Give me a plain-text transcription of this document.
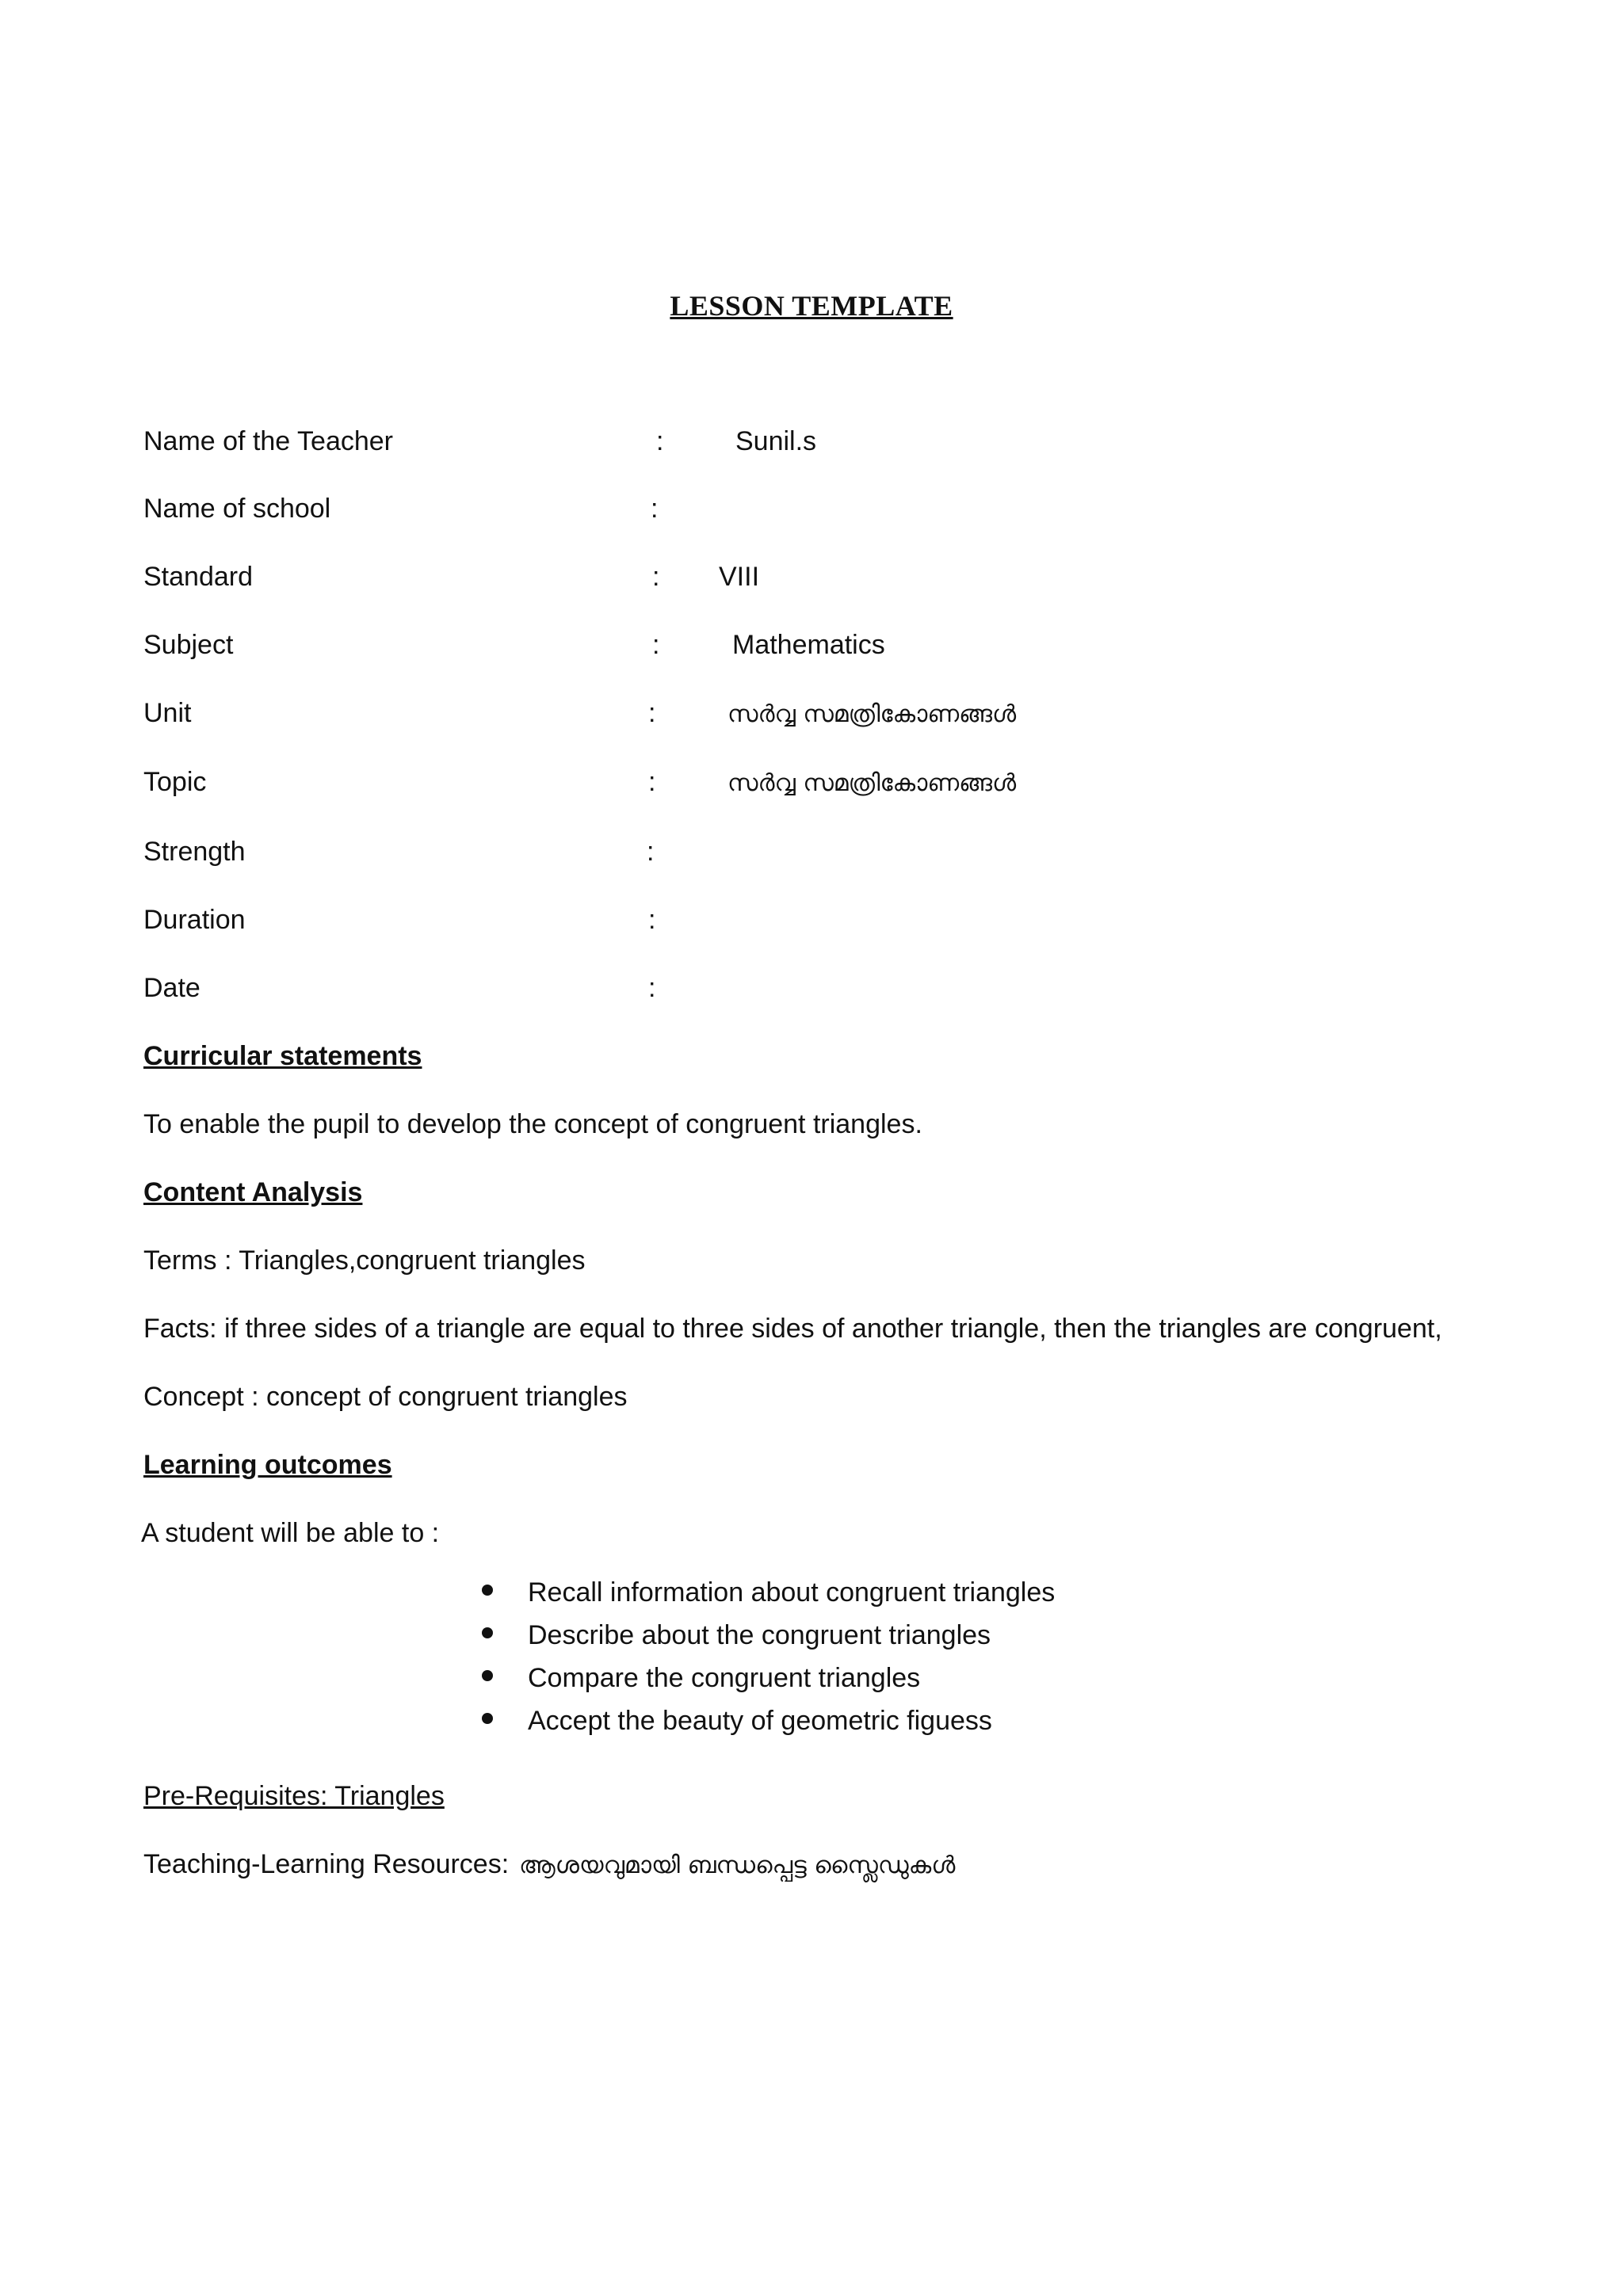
LESSON TEMPLATE
Name of the Teacher	:	Sunil.s
Name of school	:
Standard	: VIII
Subject	:	Mathematics
Unit	:	സർവ്വ സമത്രികോണങ്ങൾ
Topic	:	സർവ്വ സമത്രികോണങ്ങൾ
Strength	:
Duration	:
Date	:
Curricular statements
To enable the pupil to develop the concept of congruent triangles.
Content Analysis
Terms : Triangles,congruent triangles
Facts: if three sides of a triangle are equal to three sides of another triangle, then the triangles are congruent,
Concept : concept of congruent triangles
Learning outcomes
A student will be able to :
Recall information about congruent triangles
Describe about the congruent triangles
Compare the congruent triangles
Accept the beauty of geometric figuess
Pre-Requisites: Triangles
Teaching-Learning Resources: ആശയവുമായി ബന്ധപ്പെട്ട സ്ലൈഡുകൾ
